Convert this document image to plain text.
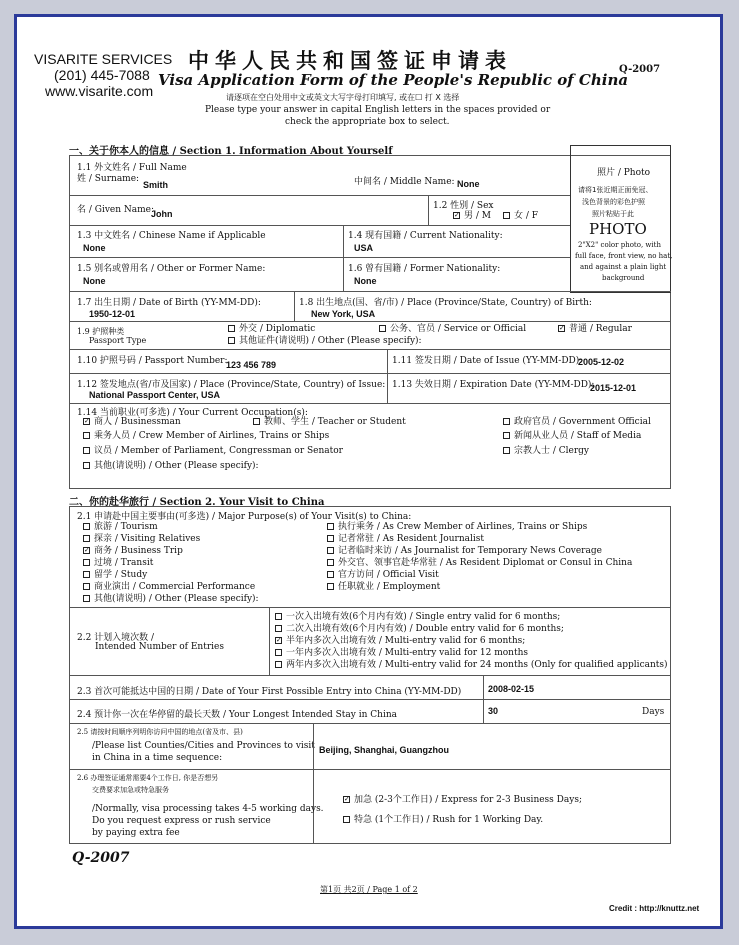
VISARITE SERVICES
(201) 445-7088
www.visarite.com
中华人民共和国签证申请表
Visa Application Form of the People's Republic of China
Q-2007
请逐项在空白处用中文或英文大写字母打印填写, 或在☐ 打 X 选择
Please type your answer in capital English letters in the spaces provided or
check the appropriate box to select.
一、关于你本人的信息 / Section 1. Information About Yourself
照片 / Photo
请将1张近期正面免冠、
浅色背景的彩色护照
照片粘贴于此
PHOTO
2"X2" color photo, with
full face, front view, no hat,
and against a plain light
background
1.1 外文姓名 / Full Name
姓 / Surname:
Smith	中间名 / Middle Name: None
名 / Given Name:
John
1.2 性别 / Sex
✓ 男 / M	女 / F
1.3 中文姓名 / Chinese Name if Applicable
None
1.4 现有国籍 / Current Nationality:
USA
1.5 别名或曾用名 / Other or Former Name:
None
1.6 曾有国籍 / Former Nationality:
None
1.7 出生日期 / Date of Birth (YY-MM-DD):
1950-12-01
1.8 出生地点(国、省/市) / Place (Province/State, Country) of Birth:
New York, USA
1.9 护照种类
Passport Type
外交 / Diplomatic	公务、官员 / Service or Official	✓ 普通 / Regular
其他证件(请说明) / Other (Please specify):
1.10 护照号码 / Passport Number:
123 456 789	1.11 签发日期 / Date of Issue (YY-MM-DD):
2005-12-02
1.12 签发地点(省/市及国家) / Place (Province/State, Country) of Issue:
National Passport Center, USA
1.13 失效日期 / Expiration Date (YY-MM-DD):
2015-12-01
1.14 当前职业(可多选) / Your Current Occupation(s):
✓ 商人 / Businessman	教师、学生 / Teacher or Student	政府官员 / Government Official
乘务人员 / Crew Member of Airlines, Trains or Ships	新闻从业人员 / Staff of Media
议员 / Member of Parliament, Congressman or Senator	宗教人士 / Clergy
其他(请说明) / Other (Please specify):
二、你的赴华旅行 / Section 2. Your Visit to China
2.1 申请赴中国主要事由(可多选) / Major Purpose(s) of Your Visit(s) to China:
旅游 / Tourism
探亲 / Visiting Relatives
✓ 商务 / Business Trip
过境 / Transit
留学 / Study
商业演出 / Commercial Performance
其他(请说明) / Other (Please specify):
执行乘务 / As Crew Member of Airlines, Trains or Ships
记者常驻 / As Resident Journalist
记者临时来访 / As Journalist for Temporary News Coverage
外交官、领事官赴华常驻 / As Resident Diplomat or Consul in China
官方访问 / Official Visit
任职就业 / Employment
2.2 计划入境次数 /
Intended Number of Entries
一次入出境有效(6个月内有效) / Single entry valid for 6 months;
二次入出境有效(6个月内有效) / Double entry valid for 6 months;
✓ 半年内多次入出境有效 / Multi-entry valid for 6 months;
一年内多次入出境有效 / Multi-entry valid for 12 months
两年内多次入出境有效 / Multi-entry valid for 24 months (Only for qualified applicants)
2.3 首次可能抵达中国的日期 / Date of Your First Possible Entry into China (YY-MM-DD)	2008-02-15
2.4 预计你一次在华停留的最长天数 / Your Longest Intended Stay in China	30	Days
2.5 请按时间顺序列明你访问中国的地点(省及市、县)
/Please list Counties/Cities and Provinces to visit
in China in a time sequence:
Beijing, Shanghai, Guangzhou
2.6 办理签证通常需要4个工作日, 你是否想另
交费要求加急或特急服务
/Normally, visa processing takes 4-5 working days.
Do you request express or rush service
by paying extra fee
✓ 加急 (2-3个工作日) / Express for 2-3 Business Days;
特急 (1个工作日) / Rush for 1 Working Day.
Q-2007
第1页 共2页 / Page 1 of 2
Credit : http://knuttz.net
